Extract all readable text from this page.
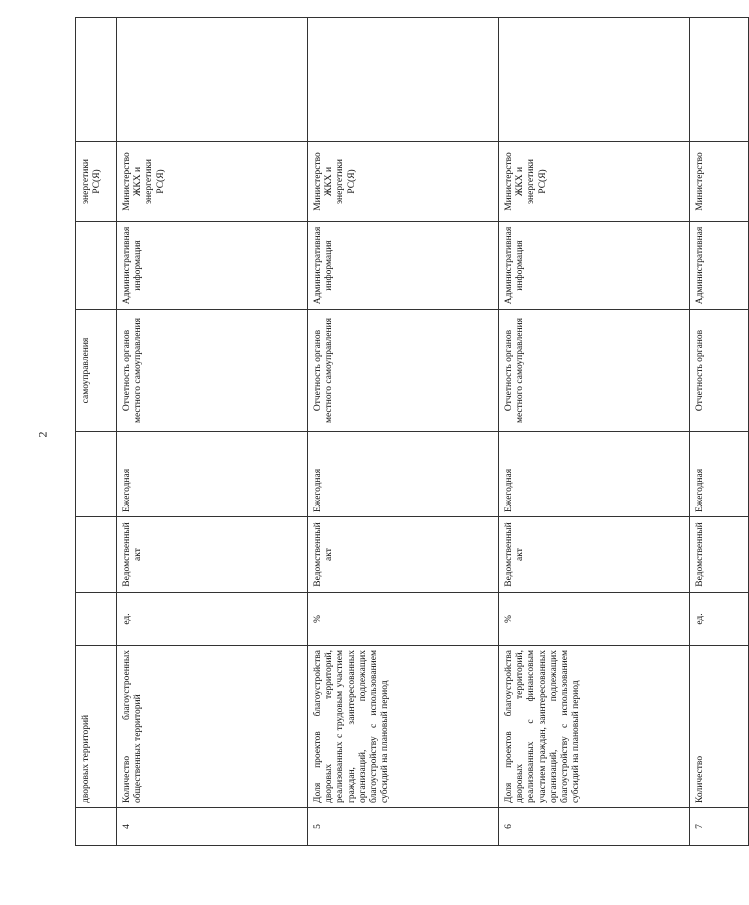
2
	дворовых территорий				самоуправления		энергетики РС(Я)	
4	Количество благоустроенных общественных территорий	ед.	Ведомственный акт	Ежегодная	Отчетность органов местного самоуправления	Административная информация	Министерство ЖКХ и энергетики РС(Я)	
5	Доля проектов благоустройства дворовых территорий, реализованных с трудовым участием граждан, заинтересованных организаций, подлежащих благоустройству с использованием субсидий на плановый период	%	Ведомственный акт	Ежегодная	Отчетность органов местного самоуправления	Административная информация	Министерство ЖКХ и энергетики РС(Я)	
6	Доля проектов благоустройства дворовых территорий, реализованных с финансовым участием граждан, заинтересованных организаций, подлежащих благоустройству с использованием субсидий на плановый период	%	Ведомственный акт	Ежегодная	Отчетность органов местного самоуправления	Административная информация	Министерство ЖКХ и энергетики РС(Я)	
7	Количество	ед.	Ведомственный	Ежегодная	Отчетность органов	Административная	Министерство	
